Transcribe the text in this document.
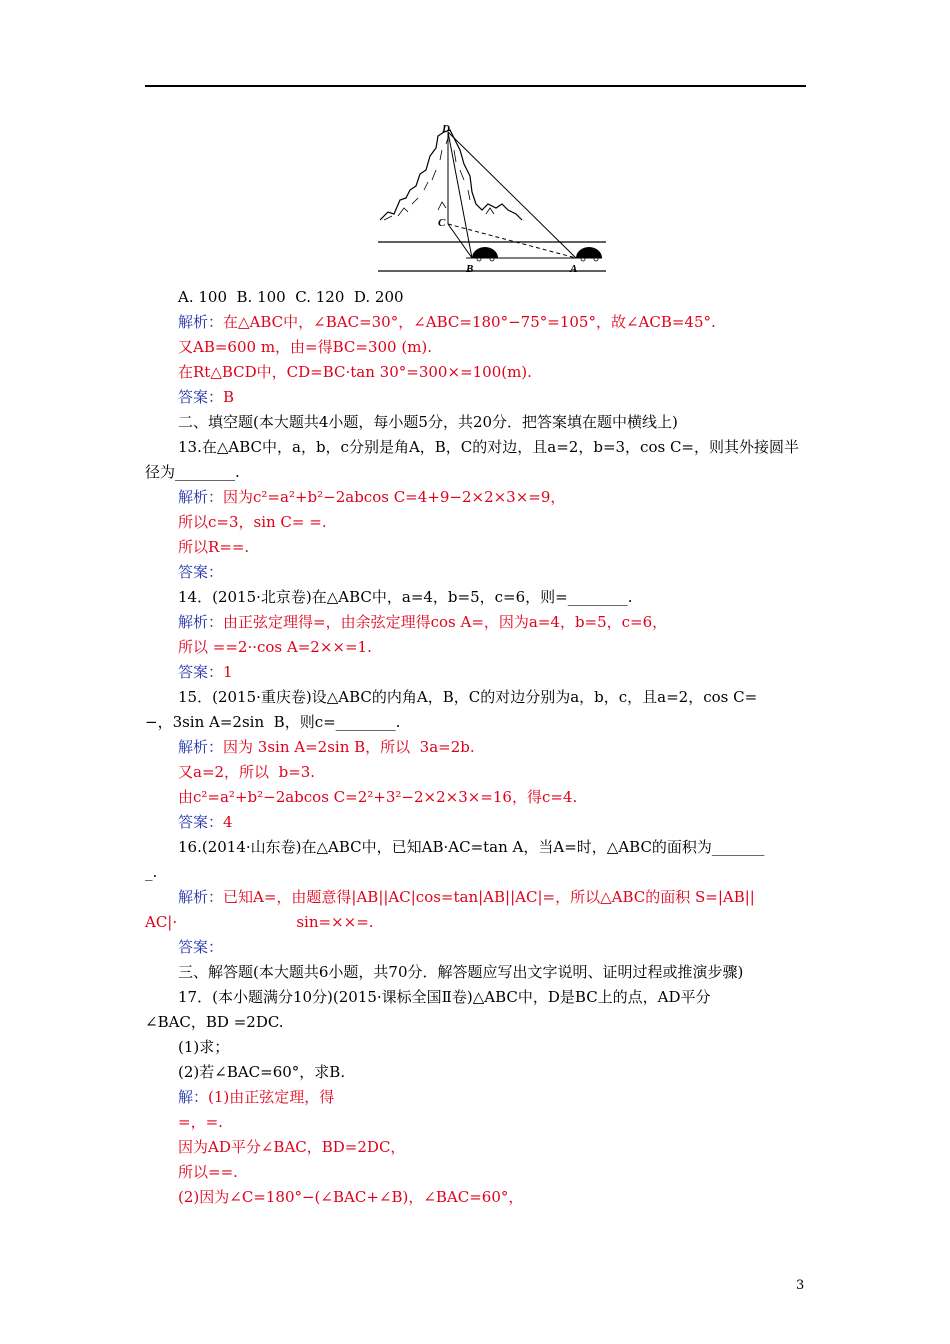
D
C
B	A
A. 100  B. 100  C. 120  D. 200
解析：在△ABC中，∠BAC=30°，∠ABC=180°−75°=105°，故∠ACB=45°.
又AB=600 m，由=得BC=300 (m).
在Rt△BCD中，CD=BC·tan 30°=300×=100(m).
答案：B
二、填空题(本大题共4小题，每小题5分，共20分．把答案填在题中横线上)
13.在△ABC中，a，b，c分别是角A，B，C的对边，且a=2，b=3，cos C=，则其外接圆半
径为________.
解析：因为c²=a²+b²−2abcos C=4+9−2×2×3×=9，
所以c=3，sin C= =.
所以R==.
答案：
14．(2015·北京卷)在△ABC中，a=4，b=5，c=6，则=________.
解析：由正弦定理得=，由余弦定理得cos A=，因为a=4，b=5，c=6，
所以 ==2··cos A=2××=1.
答案：1
15．(2015·重庆卷)设△ABC的内角A，B，C的对边分别为a，b，c，且a=2，cos C=
−，3sin A=2sin  B，则c=________.
解析：因为 3sin A=2sin B，所以  3a=2b.
又a=2，所以  b=3.
由c²=a²+b²−2abcos C=2²+3²−2×2×3×=16，得c=4.
答案：4
16.(2014·山东卷)在△ABC中，已知AB·AC=tan A，当A=时，△ABC的面积为_______
_.
解析：已知A=，由题意得|AB||AC|cos=tan|AB||AC|=，所以△ABC的面积 S=|AB||
AC|·                         sin=××=.
答案：
三、解答题(本大题共6小题，共70分．解答题应写出文字说明、证明过程或推演步骤)
17．(本小题满分10分)(2015·课标全国Ⅱ卷)△ABC中，D是BC上的点，AD平分
∠BAC，BD =2DC.
(1)求；
(2)若∠BAC=60°，求B.
解：(1)由正弦定理，得
=，=.
因为AD平分∠BAC，BD=2DC，
所以==.
(2)因为∠C=180°−(∠BAC+∠B)，∠BAC=60°，
3
